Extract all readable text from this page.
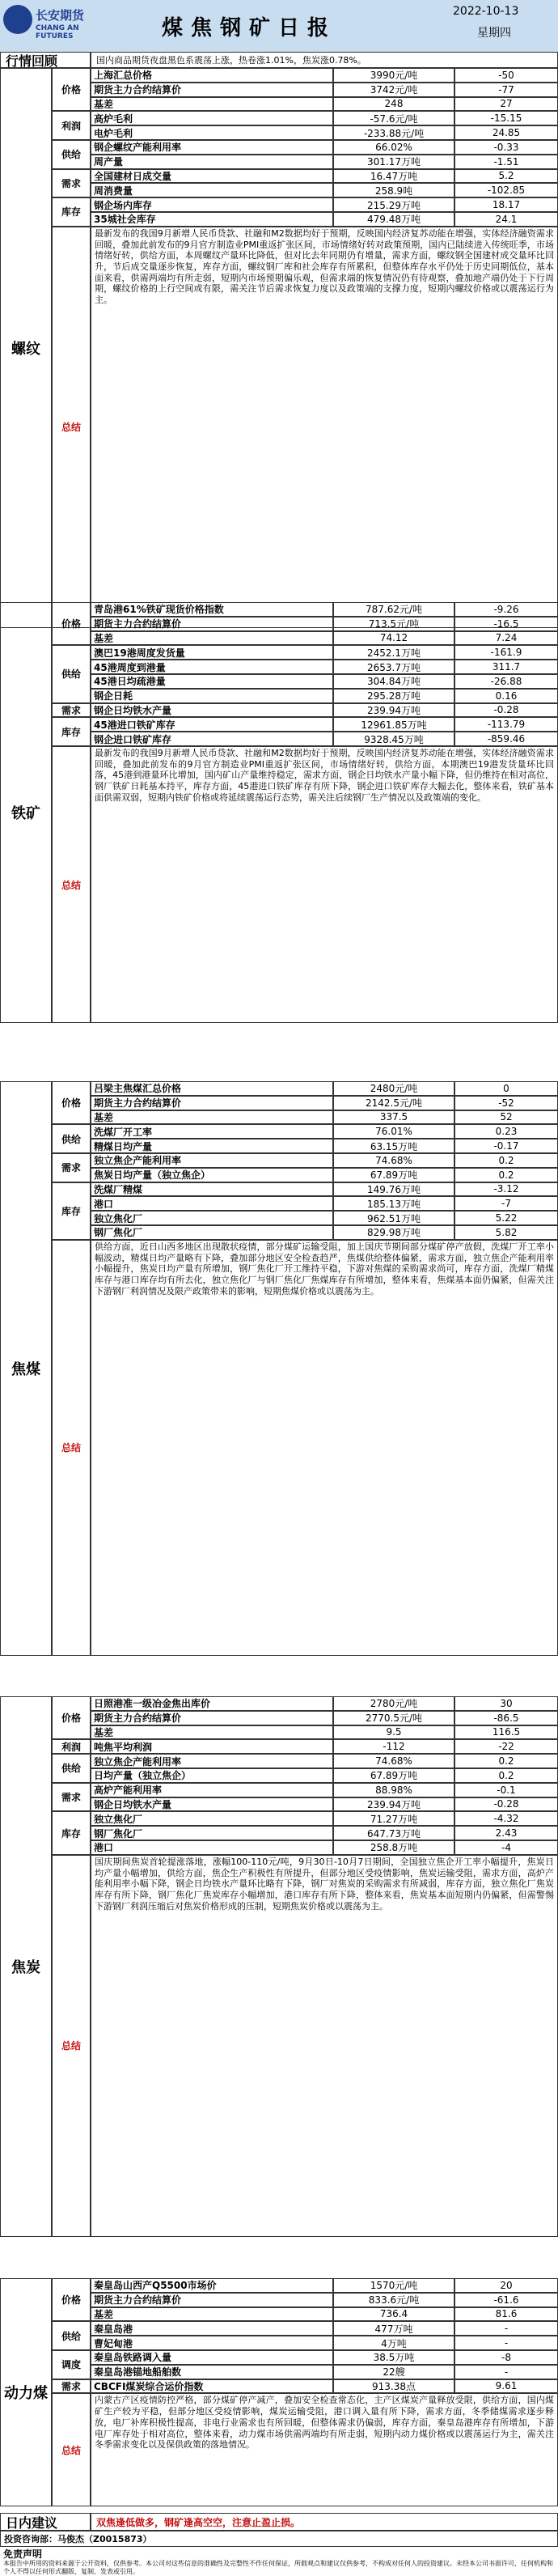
长安期货
CHANG AN FUTURES	煤焦钢矿日报
2022-10-13
星期四
行情回顾	国内商品期货夜盘黑色系震荡上涨，热卷涨1.01%，焦炭涨0.78%。
上海汇总价格	3990元/吨	-50
期货主力合约结算价	3742元/吨	-77
基差	248	27
价格
高炉毛利	-57.6元/吨	-15.15
电炉毛利	-233.88元/吨	24.85
利润
钢企螺纹产能利用率	66.02%	-0.33
周产量	301.17万吨	-1.51
供给
全国建材日成交量	16.47万吨	5.2
周消费量	258.9吨	-102.85
需求
钢企场内库存	215.29万吨	18.17
35城社会库存	479.48万吨	24.1
库存
总结
最新发布的我国9月新增人民币贷款、社融和M2数据均好于预期，反映国内经济复苏动能在增强，实体经济融资需求回暖，叠加此前发布的9月官方制造业PMI重返扩张区间，市场情绪好转对政策预期，国内已陆续进入传统旺季，市场情绪好转，供给方面，本周螺纹产量环比降低，但对比去年同期仍有增量，需求方面，螺纹钢全国建材成交量环比回升，节后成交量逐步恢复，库存方面，螺纹钢厂库和社会库存有所累积，但整体库存水平仍处于历史同期低位，基本面来看，供需两端均有所走弱，短期内市场预期偏乐观，但需求端的恢复情况仍有待观察，叠加地产端仍处于下行周期，螺纹价格的上行空间或有限，需关注节后需求恢复力度以及政策端的支撑力度，短期内螺纹价格或以震荡运行为主。
螺纹
青岛港61%铁矿现货价格指数	787.62元/吨	-9.26
期货主力合约结算价	713.5元/吨	-16.5
基差	74.12	7.24
价格
澳巴19港周度发货量	2452.1万吨	-161.9
45港周度到港量	2653.7万吨	311.7
45港日均疏港量	304.84万吨	-26.88
钢企日耗	295.28万吨	0.16
供给
钢企日均铁水产量	239.94万吨	-0.28
需求
45港进口铁矿库存	12961.85万吨	-113.79
钢企进口铁矿库存	9328.45万吨	-859.46
库存
总结
最新发布的我国9月新增人民币贷款、社融和M2数据均好于预期，反映国内经济复苏动能在增强，实体经济融资需求回暖，叠加此前发布的9月官方制造业PMI重返扩张区间，市场情绪好转，供给方面，本期澳巴19港发货量环比回落，45港到港量环比增加，国内矿山产量维持稳定，需求方面，钢企日均铁水产量小幅下降，但仍维持在相对高位，钢厂铁矿日耗基本持平，库存方面，45港进口铁矿库存有所下降，钢企进口铁矿库存大幅去化，整体来看，铁矿基本面供需双弱，短期内铁矿价格或将延续震荡运行态势，需关注后续钢厂生产情况以及政策端的变化。
铁矿
吕梁主焦煤汇总价格	2480元/吨	0
期货主力合约结算价	2142.5元/吨	-52
基差	337.5	52
价格
洗煤厂开工率	76.01%	0.23
精煤日均产量	63.15万吨	-0.17
供给
独立焦企产能利用率	74.68%	0.2
焦炭日均产量（独立焦企）	67.89万吨	0.2
需求
洗煤厂精煤	149.76万吨	-3.12
港口	185.13万吨	-7
独立焦化厂	962.51万吨	5.22
钢厂焦化厂	829.98万吨	5.82
库存
总结
供给方面，近日山西多地区出现散状疫情，部分煤矿运输受阻，加上国庆节期间部分煤矿停产放假，洗煤厂开工率小幅波动，精煤日均产量略有下降，叠加部分地区安全检查趋严，焦煤供给整体偏紧，需求方面，独立焦企产能利用率小幅提升，焦炭日均产量有所增加，钢厂焦化厂开工维持平稳，下游对焦煤的采购需求尚可，库存方面，洗煤厂精煤库存与港口库存均有所去化，独立焦化厂与钢厂焦化厂焦煤库存有所增加，整体来看，焦煤基本面仍偏紧，但需关注下游钢厂利润情况及限产政策带来的影响，短期焦煤价格或以震荡为主。
焦煤
日照港准一级冶金焦出库价	2780元/吨	30
期货主力合约结算价	2770.5元/吨	-86.5
基差	9.5	116.5
价格
吨焦平均利润	-112	-22
利润
独立焦企产能利用率	74.68%	0.2
日均产量（独立焦企）	67.89万吨	0.2
供给
高炉产能利用率	88.98%	-0.1
钢企日均铁水产量	239.94万吨	-0.28
需求
独立焦化厂	71.27万吨	-4.32
钢厂焦化厂	647.73万吨	2.43
港口	258.8万吨	-4
库存
总结
国庆期间焦炭首轮提涨落地，涨幅100-110元/吨，9月30日-10月7日期间，全国独立焦企开工率小幅提升，焦炭日均产量小幅增加，供给方面，焦企生产积极性有所提升，但部分地区受疫情影响，焦炭运输受阻，需求方面，高炉产能利用率小幅下降，钢企日均铁水产量环比略有下降，钢厂对焦炭的采购需求有所减弱，库存方面，独立焦化厂焦炭库存有所下降，钢厂焦化厂焦炭库存小幅增加，港口库存有所下降，整体来看，焦炭基本面短期内仍偏紧，但需警惕下游钢厂利润压缩后对焦炭价格形成的压制，短期焦炭价格或以震荡为主。
焦炭
秦皇岛山西产Q5500市场价	1570元/吨	20
期货主力合约结算价	833.6元/吨	-61.6
基差	736.4	81.6
价格
秦皇岛港	477万吨	-
曹妃甸港	4万吨	-
供给
秦皇岛铁路调入量	38.5万吨	-8
秦皇岛港锚地船舶数	22艘	-
调度
CBCFI煤炭综合运价指数	913.38点	9.61
需求
总结
内蒙古产区疫情防控严格，部分煤矿停产减产，叠加安全检查常态化，主产区煤炭产量释放受限，供给方面，国内煤矿生产较为平稳，但部分地区受疫情影响，煤炭运输受阻，港口调入量有所下降，需求方面，冬季储煤需求逐步释放，电厂补库积极性提高，非电行业需求也有所回暖，但整体需求仍偏弱，库存方面，秦皇岛港库存有所增加，下游电厂库存处于相对高位，整体来看，动力煤市场供需两端均有所走弱，短期内动力煤价格或以震荡运行为主，需关注冬季需求变化以及保供政策的落地情况。
动力煤
日内建议	双焦逢低做多，钢矿逢高空空，注意止盈止损。
投资咨询部：马俊杰（Z0015873）
免责声明
本报告中所用的资料来源于公开资料，仅供参考。本公司对这些信息的准确性及完整性不作任何保证，所载观点和建议仅供参考，不构成对任何人的投资建议。未经本公司书面许可，任何机构和个人不得以任何形式翻版、复制、发表或引用。
